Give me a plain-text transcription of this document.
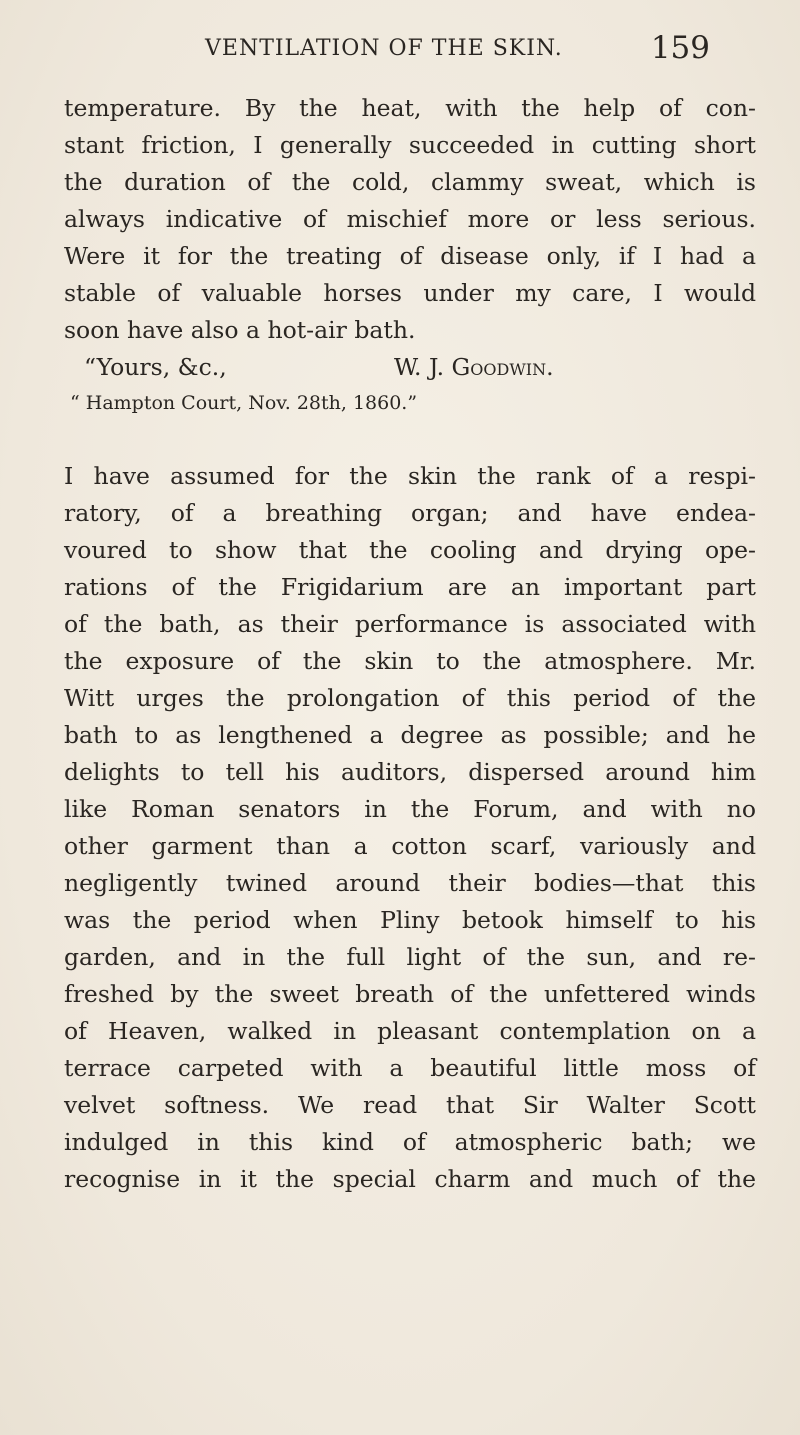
VENTILATION OF THE SKIN.	159
temperature. By the heat, with the help of con-
stant friction, I generally succeeded in cutting short
the duration of the cold, clammy sweat, which is
always indicative of mischief more or less serious.
Were it for the treating of disease only, if I had a
stable of valuable horses under my care, I would
soon have also a hot-air bath.
“Yours, &c.,	W. J. Goodwin.
“ Hampton Court, Nov. 28th, 1860.”
I have assumed for the skin the rank of a respi-
ratory, of a breathing organ; and have endea-
voured to show that the cooling and drying ope-
rations of the Frigidarium are an important part
of the bath, as their performance is associated with
the exposure of the skin to the atmosphere. Mr.
Witt urges the prolongation of this period of the
bath to as lengthened a degree as possible; and he
delights to tell his auditors, dispersed around him
like Roman senators in the Forum, and with no
other garment than a cotton scarf, variously and
negligently twined around their bodies—that this
was the period when Pliny betook himself to his
garden, and in the full light of the sun, and re-
freshed by the sweet breath of the unfettered winds
of Heaven, walked in pleasant contemplation on a
terrace carpeted with a beautiful little moss of
velvet softness. We read that Sir Walter Scott
indulged in this kind of atmospheric bath; we
recognise in it the special charm and much of the
